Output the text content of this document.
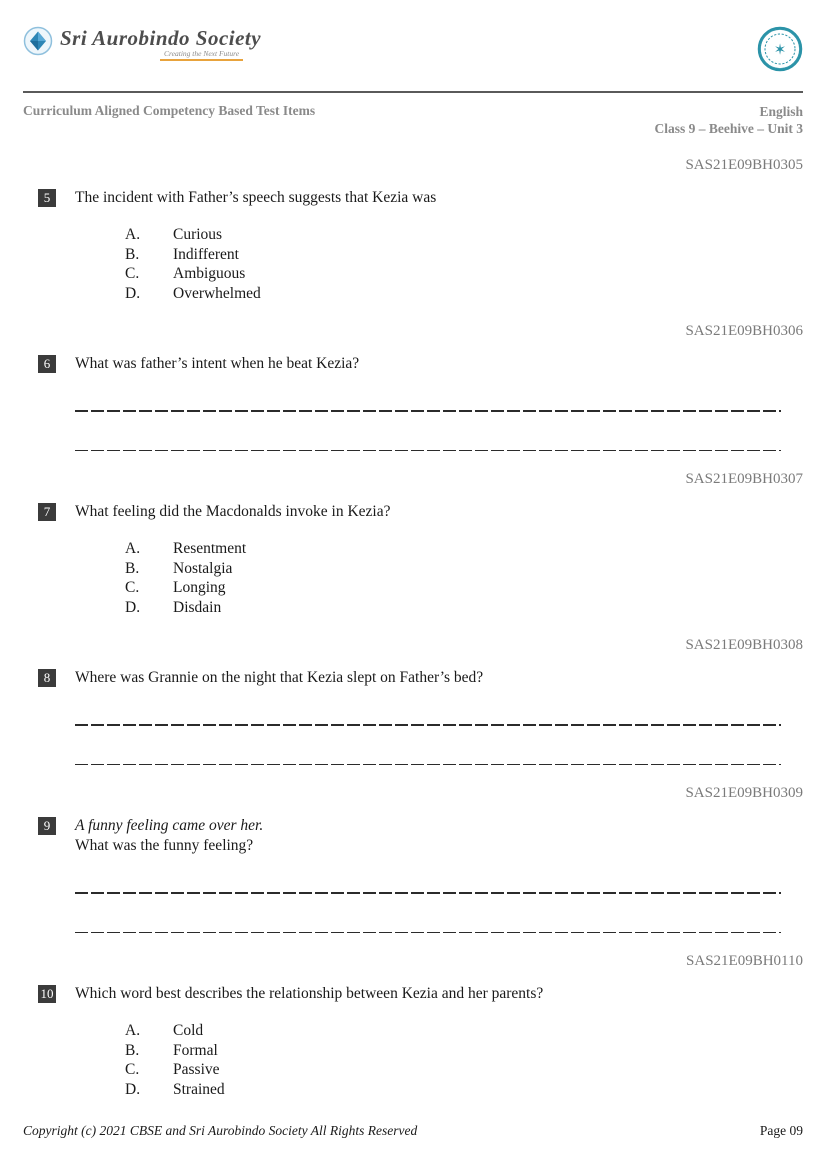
Sri Aurobindo Society
Creating the Next Future	✶
Curriculum Aligned Competency Based Test Items	English
Class 9 – Beehive – Unit 3
SAS21E09BH0305
5	The incident with Father’s speech suggests that Kezia was
A.	Curious
B.	Indifferent
C.	Ambiguous
D.	Overwhelmed
SAS21E09BH0306
6	What was father’s intent when he beat Kezia?
SAS21E09BH0307
7	What feeling did the Macdonalds invoke in Kezia?
A.	Resentment
B.	Nostalgia
C.	Longing
D.	Disdain
SAS21E09BH0308
8	Where was Grannie on the night that Kezia slept on Father’s bed?
SAS21E09BH0309
9	A funny feeling came over her.
What was the funny feeling?
SAS21E09BH0110
10 Which word best describes the relationship between Kezia and her parents?
A.	Cold
B.	Formal
C.	Passive
D.	Strained
Copyright (c) 2021 CBSE and Sri Aurobindo Society All Rights Reserved	Page 09
